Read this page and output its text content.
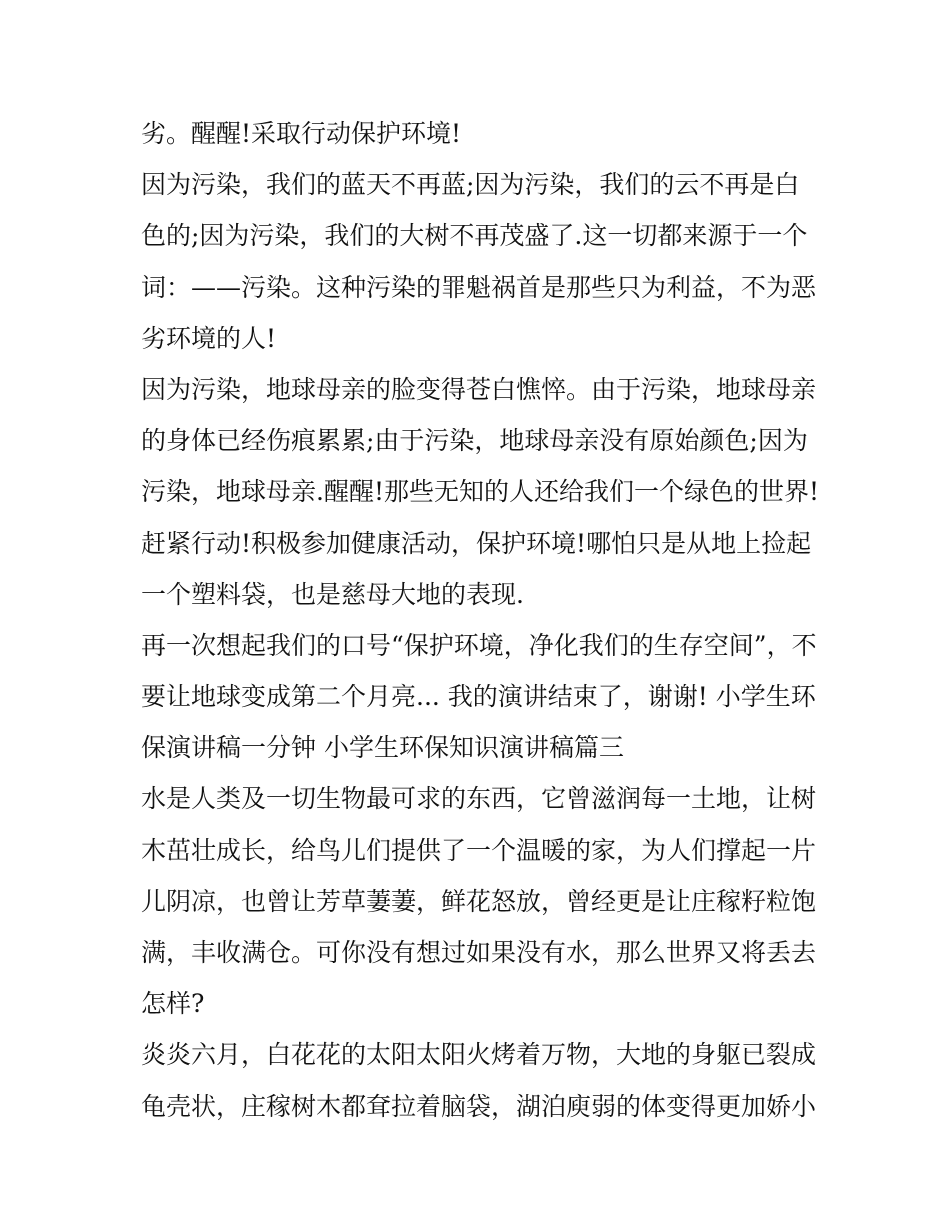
劣。醒醒!采取行动保护环境!
因为污染，我们的蓝天不再蓝;因为污染，我们的云不再是白
色的;因为污染，我们的大树不再茂盛了.这一切都来源于一个
词：——污染。这种污染的罪魁祸首是那些只为利益，不为恶
劣环境的人!
因为污染，地球母亲的脸变得苍白憔悴。由于污染，地球母亲
的身体已经伤痕累累;由于污染，地球母亲没有原始颜色;因为
污染，地球母亲.醒醒!那些无知的人还给我们一个绿色的世界!
赶紧行动!积极参加健康活动，保护环境!哪怕只是从地上捡起
一个塑料袋，也是慈母大地的表现.
再一次想起我们的口号“保护环境，净化我们的生存空间”，不
要让地球变成第二个月亮... 我的演讲结束了，谢谢! 小学生环
保演讲稿一分钟 小学生环保知识演讲稿篇三
水是人类及一切生物最可求的东西，它曾滋润每一土地，让树
木茁壮成长，给鸟儿们提供了一个温暖的家，为人们撑起一片
儿阴凉，也曾让芳草萋萋，鲜花怒放，曾经更是让庄稼籽粒饱
满，丰收满仓。可你没有想过如果没有水，那么世界又将丢去
怎样?
炎炎六月，白花花的太阳太阳火烤着万物，大地的身躯已裂成
龟壳状，庄稼树木都耷拉着脑袋，湖泊庾弱的体变得更加娇小
